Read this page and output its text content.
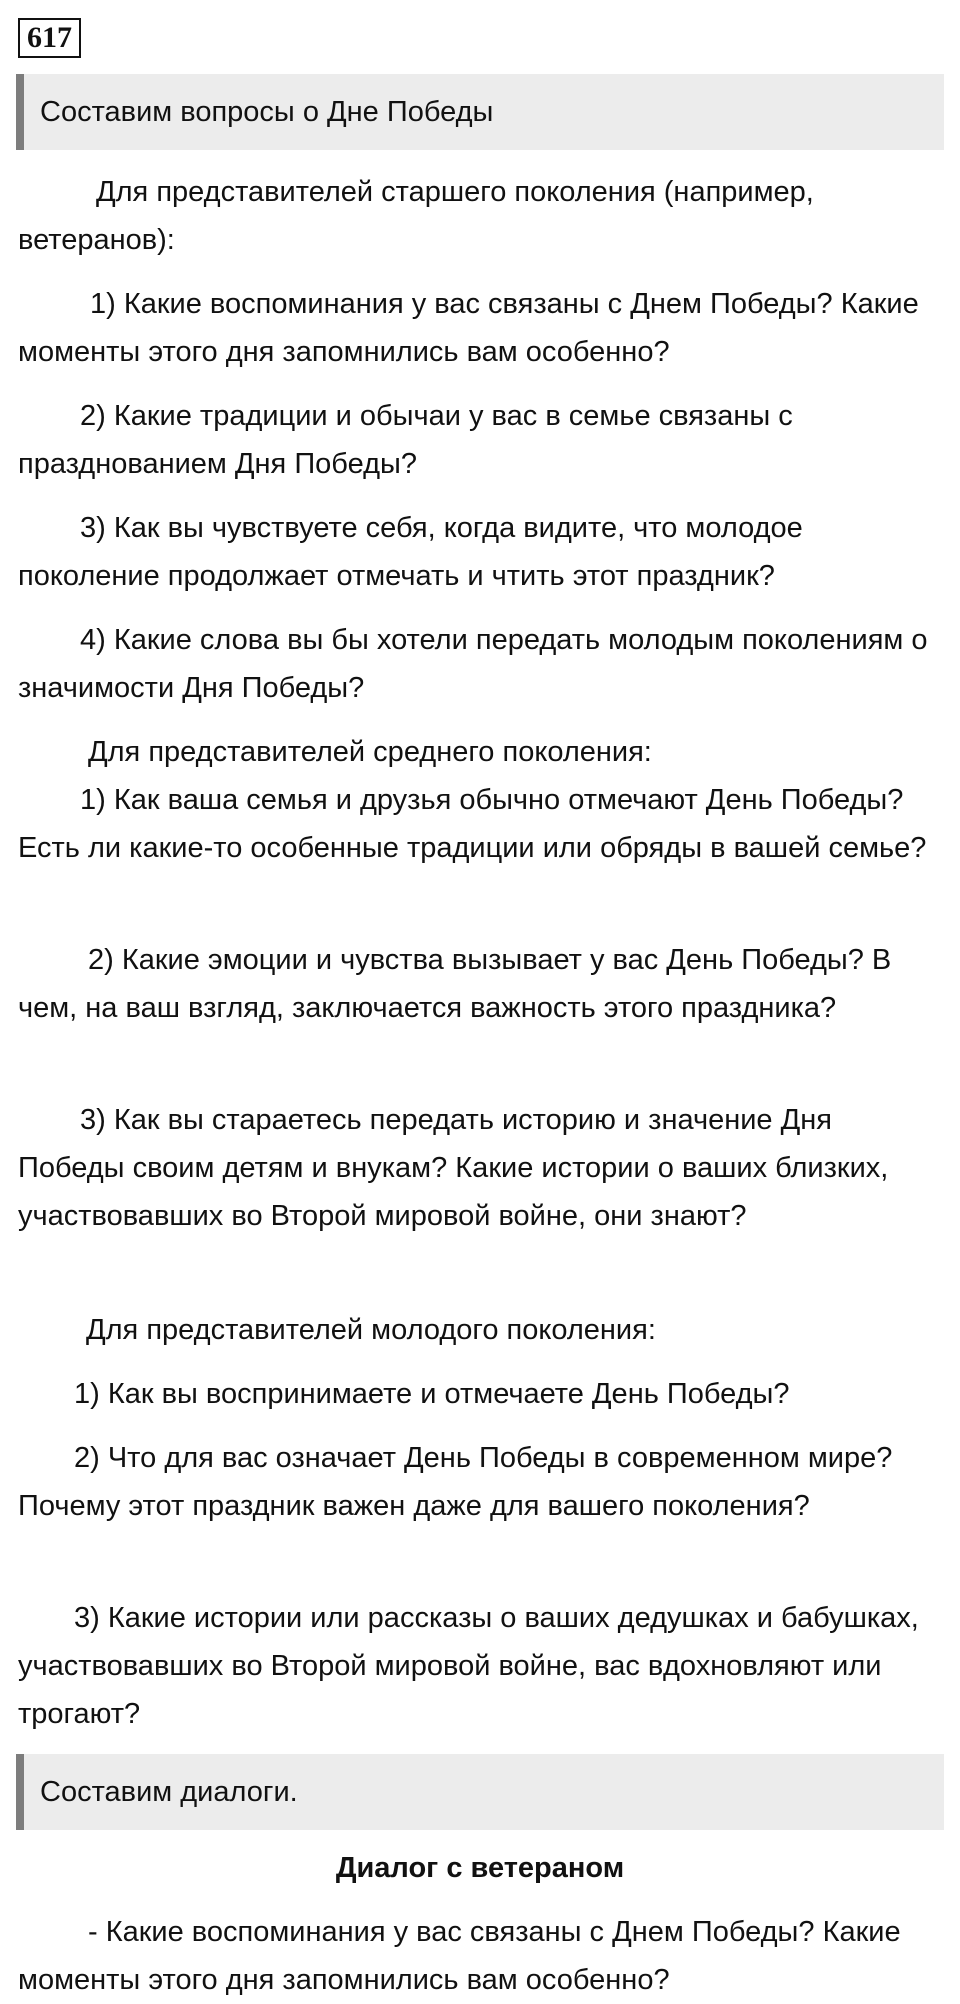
617
Составим вопросы о Дне Победы

Для представителей старшего поколения (например, ветеранов):

1) Какие воспоминания у вас связаны с Днем Победы? Какие моменты этого дня запомнились вам особенно?

2) Какие традиции и обычаи у вас в семье связаны с празднованием Дня Победы?

3) Как вы чувствуете себя, когда видите, что молодое поколение продолжает отмечать и чтить этот праздник?

4) Какие слова вы бы хотели передать молодым поколениям о значимости Дня Победы?

Для представителей среднего поколения:

1) Как ваша семья и друзья обычно отмечают День Победы? Есть ли какие-то особенные традиции или обряды в вашей семье?

2) Какие эмоции и чувства вызывает у вас День Победы? В чем, на ваш взгляд, заключается важность этого праздника?

3) Как вы стараетесь передать историю и значение Дня Победы своим детям и внукам? Какие истории о ваших близких, участвовавших во Второй мировой войне, они знают?

Для представителей молодого поколения:

1) Как вы воспринимаете и отмечаете День Победы?

2) Что для вас означает День Победы в современном мире? Почему этот праздник важен даже для вашего поколения?

3) Какие истории или рассказы о ваших дедушках и бабушках, участвовавших во Второй мировой войне, вас вдохновляют или трогают?

Составим диалоги.
Диалог с ветераном

- Какие воспоминания у вас связаны с Днем Победы? Какие моменты этого дня запомнились вам особенно?
